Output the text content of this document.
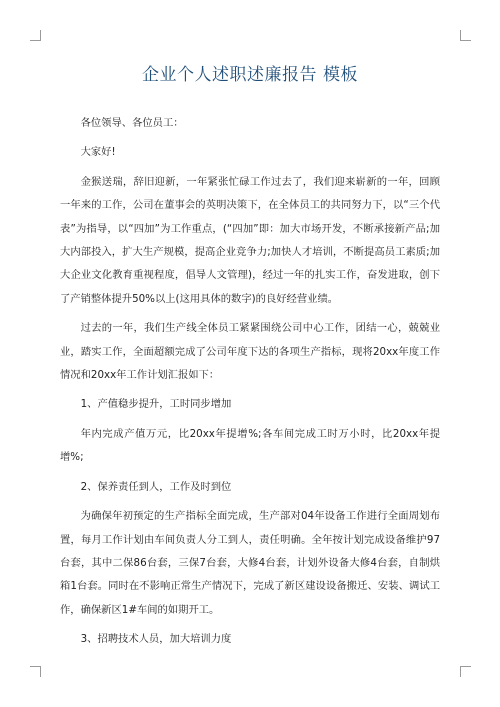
企业个人述职述廉报告 模板

各位领导、各位员工：

大家好!

金猴送瑞，辞旧迎新，一年紧张忙碌工作过去了，我们迎来崭新的一年，回顾一年来的工作，公司在董事会的英明决策下，在全体员工的共同努力下，以“三个代表”为指导，以“四加”为工作重点，(“四加”即：加大市场开发，不断承接新产品;加大内部投入，扩大生产规模，提高企业竞争力;加快人才培训，不断提高员工素质;加大企业文化教育重视程度，倡导人文管理)，经过一年的扎实工作，奋发进取，创下了产销整体提升50%以上(这用具体的数字)的良好经营业绩。

过去的一年，我们生产线全体员工紧紧围绕公司中心工作，团结一心，兢兢业业，踏实工作，全面超额完成了公司年度下达的各项生产指标，现将20xx年度工作情况和20xx年工作计划汇报如下：

1、产值稳步提升，工时同步增加

年内完成产值万元，比20xx年提增%;各车间完成工时万小时，比20xx年提增%;

2、保养责任到人，工作及时到位

为确保年初预定的生产指标全面完成，生产部对04年设备工作进行全面周划布置，每月工作计划由车间负责人分工到人，责任明确。全年按计划完成设备维护97台套，其中二保86台套，三保7台套，大修4台套，计划外设备大修4台套，自制烘箱1台套。同时在不影响正常生产情况下，完成了新区建设设备搬迁、安装、调试工作，确保新区1#车间的如期开工。

3、招聘技术人员，加大培训力度
